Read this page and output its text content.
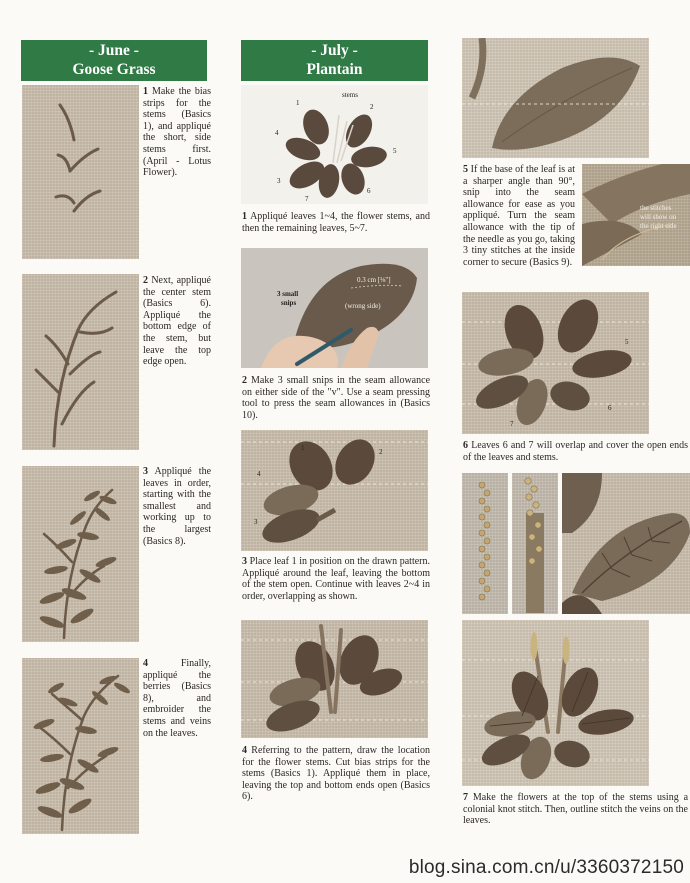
- June -
Goose Grass
1 Make the bias strips for the stems (Basics 1), and appliqué the short, side stems first. (April - Lotus Flower).
2 Next, appliqué the center stem (Basics 6). Appliqué the bottom edge of the stem, but leave the top edge open.
3 Appliqué the leaves in order, starting with the smallest and working up to the largest (Basics 8).
4	Finally, appliqué the berries (Basics 8), and embroider the stems and veins on the leaves.
- July -
Plantain
stems
1	2
3
4
5
6
7
1 Appliqué leaves 1~4, the flower stems, and then the remaining leaves, 5~7.
0.3 cm [⅛"]
(wrong side)
3 small
snips
2 Make 3 small snips in the seam allowance on either side of the "v". Use a seam pressing tool to press the seam allowances in (Basics 10).
2
4
3
1
3 Place leaf 1 in position on the drawn pattern. Appliqué around the leaf, leaving the bottom of the stem open. Continue with leaves 2~4 in order, overlapping as shown.
4 Referring to the pattern, draw the location for the flower stems. Cut bias strips for the stems (Basics 1). Appliqué them in place, leaving the top and bottom ends open (Basics 6).
5 If the base of the leaf is at a sharper angle than 90°, snip into the seam allowance for ease as you appliqué. Turn the seam allowance with the tip of the needle as you go, taking 3 tiny stitches at the inside corner to secure (Basics 9).
the stitches
will show on
the right side
5
6
7
6 Leaves 6 and 7 will overlap and cover the open ends of the leaves and stems.
7 Make the flowers at the top of the stems using a colonial knot stitch. Then, outline stitch the veins on the leaves.
blog.sina.com.cn/u/3360372150
